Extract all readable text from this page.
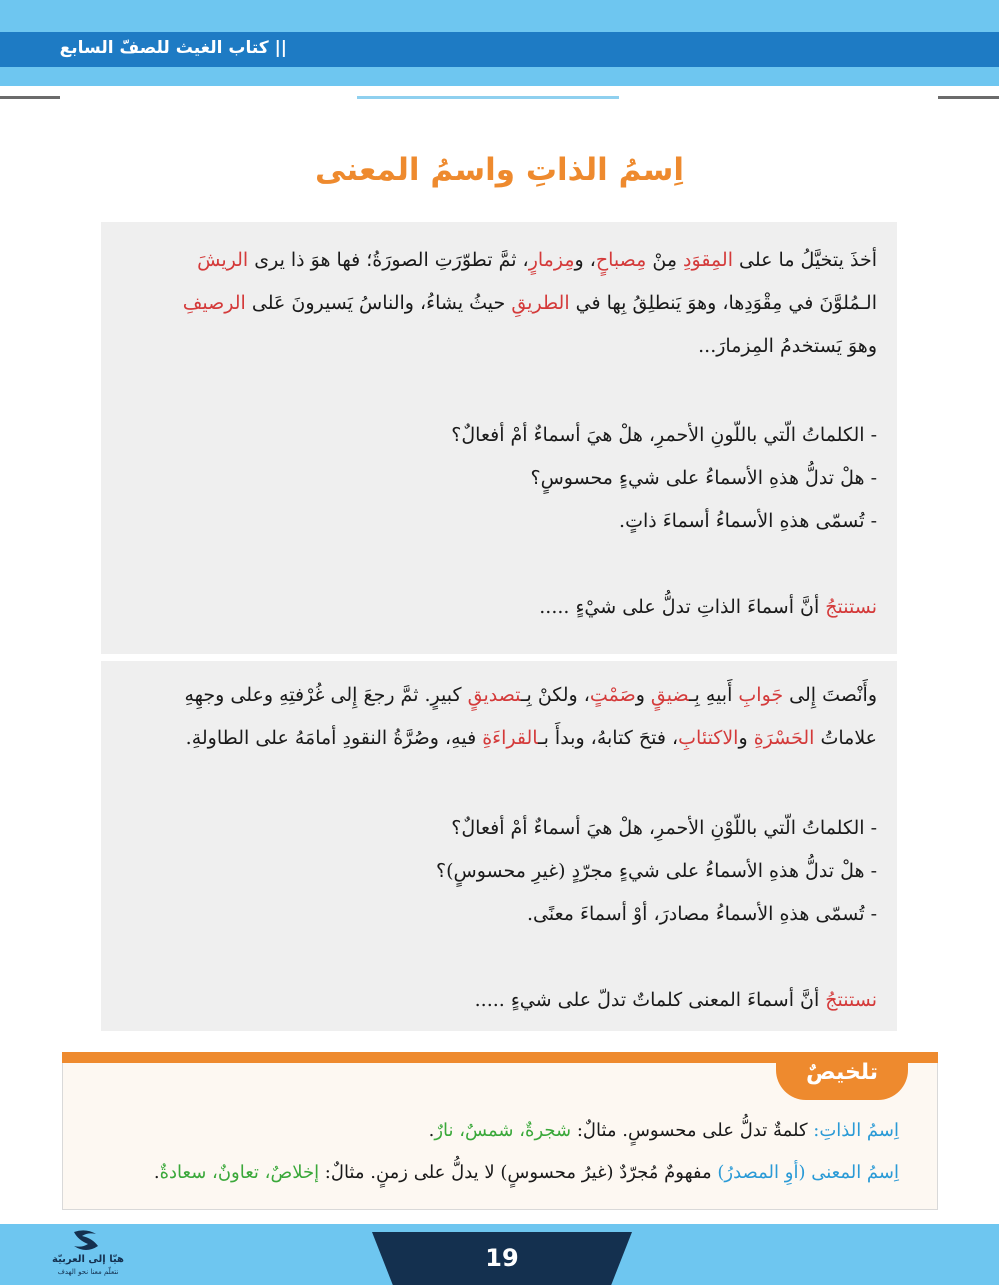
|| كتاب الغيث للصفّ السابع
اِسمُ الذاتِ واسمُ المعنى

أخذَ يتخيَّلُ ما على المِقوَدِ مِنْ مِصباحٍ، ومِزمارٍ، ثمَّ تطوّرَتِ الصورَةُ؛ فها هوَ ذا يرى الريشَ

الـمُلوَّنَ في مِقْوَدِها، وهوَ يَنطلِقُ بِها في الطريقِ حيثُ يشاءُ، والناسُ يَسيرونَ عَلى الرصيفِ

وهوَ يَستخدمُ المِزمارَ...

- الكلماتُ الّتي باللّونِ الأحمرِ، هلْ هيَ أسماءٌ أمْ أفعالٌ؟

- هلْ تدلُّ هذهِ الأسماءُ على شيءٍ محسوسٍ؟

- تُسمّى هذهِ الأسماءُ أسماءَ ذاتٍ.

نستنتجُ أنَّ أسماءَ الذاتِ تدلُّ على شيْءٍ .....

وأَنْصتَ إِلى جَوابِ أَبيهِ بِـضيقٍ وصَمْتٍ، ولكنْ بِـتصديقٍ كبيرٍ. ثمَّ رجعَ إِلى غُرْفتِهِ وعلى وجهِهِ

علاماتُ الحَسْرَةِ والاكتئابِ، فتحَ كتابهُ، وبدأَ بـالقراءَةِ فيهِ، وصُرَّةُ النقودِ أمامَهُ على الطاولةِ.

- الكلماتُ الّتي باللّوْنِ الأحمرِ، هلْ هيَ أسماءٌ أمْ أفعالٌ؟

- هلْ تدلُّ هذهِ الأسماءُ على شيءٍ مجرّدٍ (غيرِ محسوسٍ)؟

- تُسمّى هذهِ الأسماءُ مصادرَ، أوْ أسماءَ معنًى.

نستنتجُ أنَّ أسماءَ المعنى كلماتٌ تدلّ على شيءٍ .....

تلخيصٌ
اِسمُ الذاتِ: كلمةٌ تدلُّ على محسوسٍ. مثالٌ: شجرةٌ، شمسٌ، نارٌ.
اِسمُ المعنى (أوِ المصدرُ) مفهومٌ مُجرّدٌ (غيرُ محسوسٍ) لا يدلُّ على زمنٍ. مثالٌ: إخلاصٌ، تعاونٌ، سعادةٌ.
19
هيّا إلى العربيّة
نتعلّم معنا نحو الهدف
